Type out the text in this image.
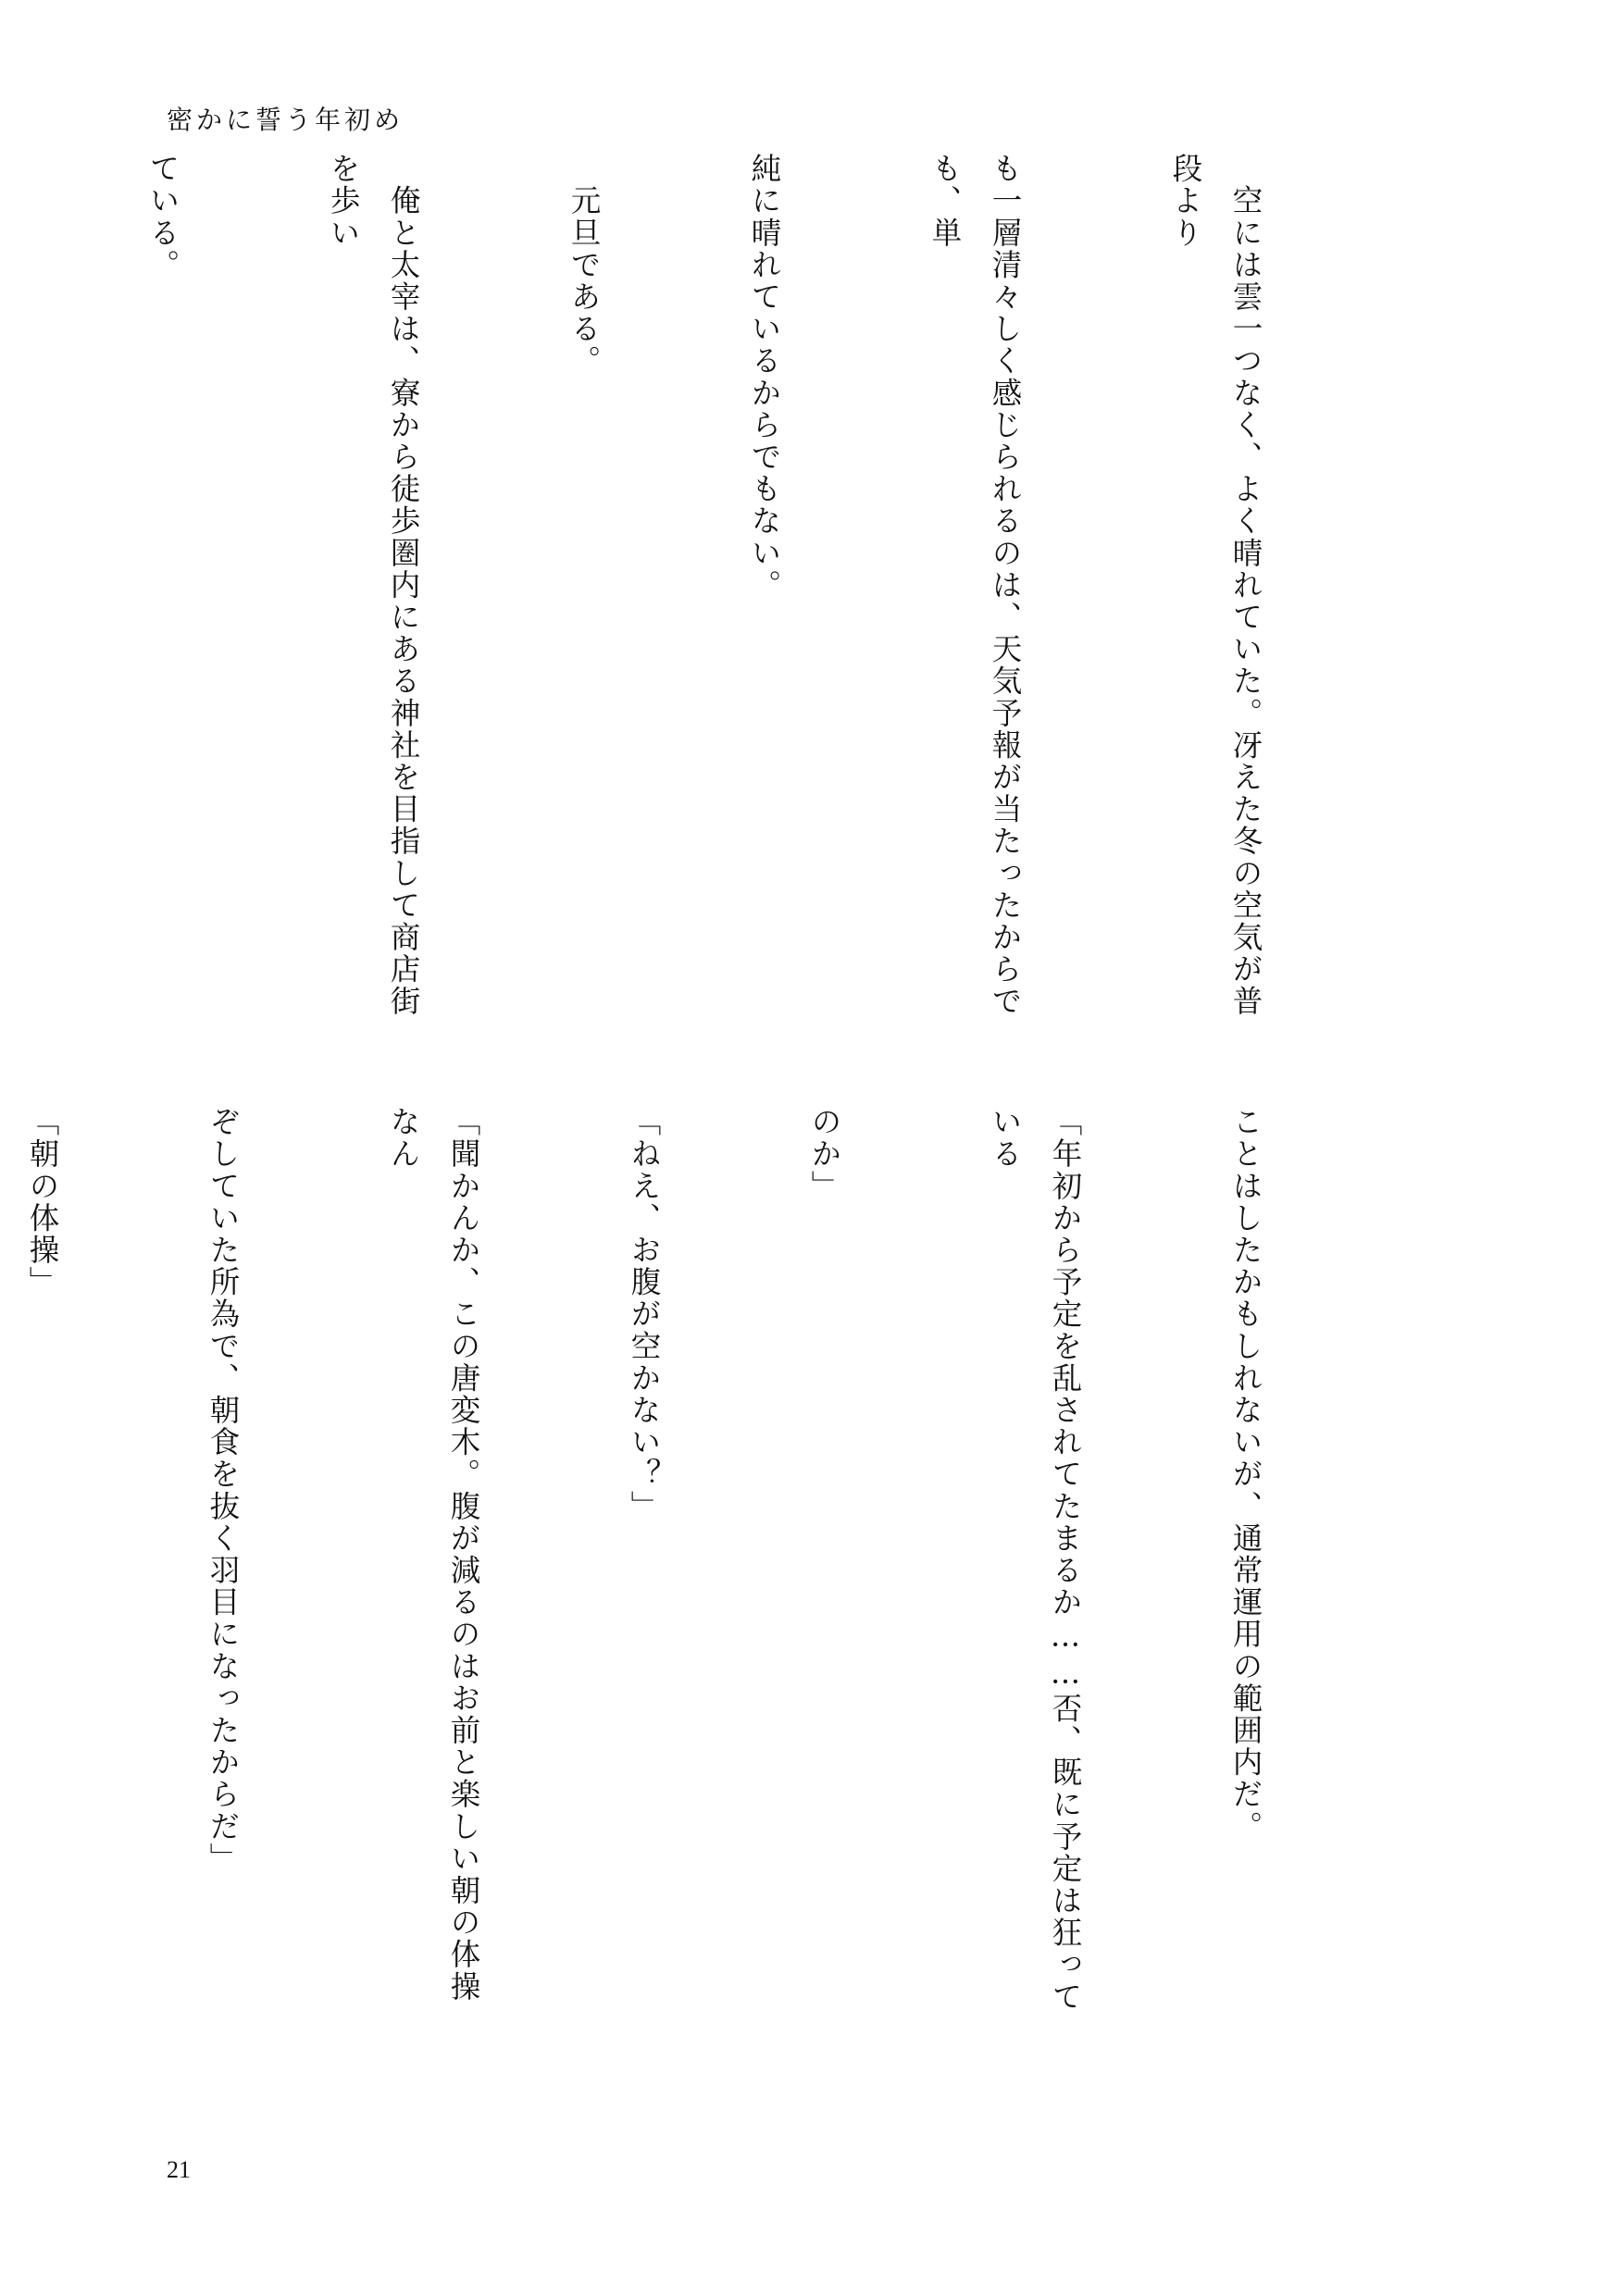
密かに誓う年初め

　空には雲一つなく、よく晴れていた。冴えた冬の空気が普段より

も一層清々しく感じられるのは、天気予報が当たったからでも、単

純に晴れているからでもない。

　元旦である。

　俺と太宰は、寮から徒歩圏内にある神社を目指して商店街を歩い

ている。

ことはしたかもしれないが、通常運用の範囲内だ。

「年初から予定を乱されてたまるか……否、既に予定は狂っている

のか」

「ねえ、お腹が空かない？」

「聞かんか、この唐変木。腹が減るのはお前と楽しい朝の体操なん

ぞしていた所為で、朝食を抜く羽目になったからだ」

「朝の体操」

21
